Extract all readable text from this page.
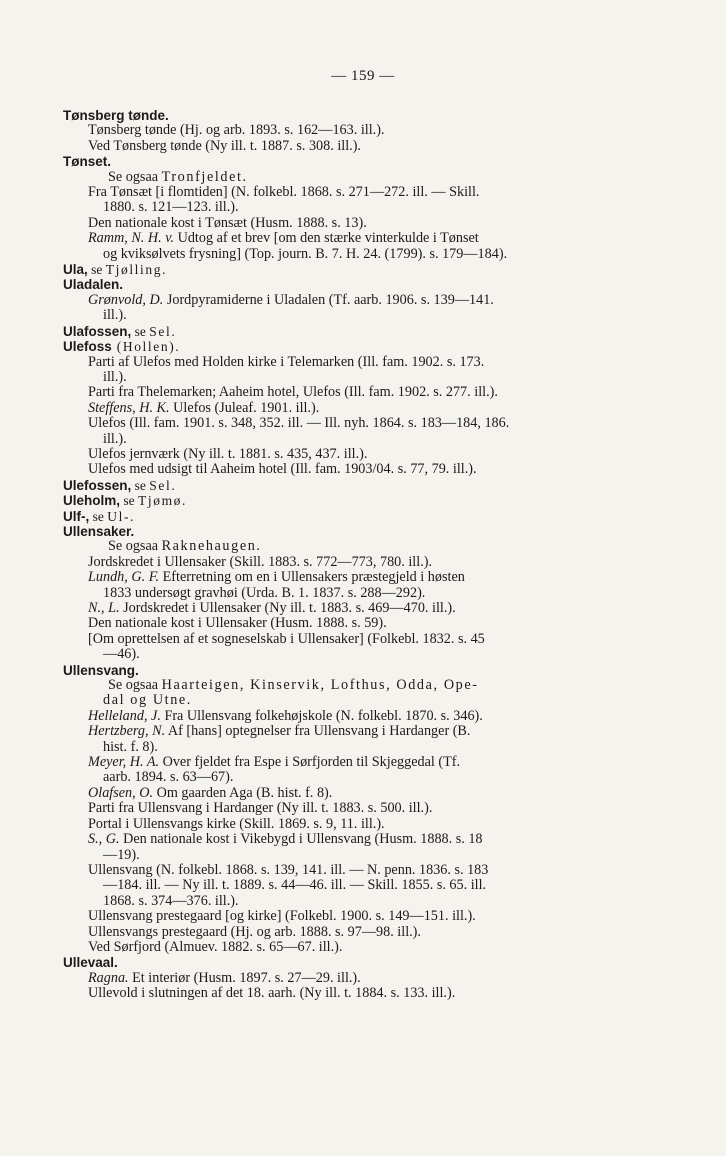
— 159 —
Tønsberg tønde.
Tønsberg tønde (Hj. og arb. 1893. s. 162—163. ill.).
Ved Tønsberg tønde (Ny ill. t. 1887. s. 308. ill.).
Tønset.
Se ogsaa Tronfjeldet.
Fra Tønsæt [i flomtiden] (N. folkebl. 1868. s. 271—272. ill. — Skill.
1880. s. 121—123. ill.).
Den nationale kost i Tønsæt (Husm. 1888. s. 13).
Ramm, N. H. v. Udtog af et brev [om den stærke vinterkulde i Tønset
og kviksølvets frysning] (Top. journ. B. 7. H. 24. (1799). s. 179—184).
Ula, se Tjølling.
Uladalen.
Grønvold, D. Jordpyramiderne i Uladalen (Tf. aarb. 1906. s. 139—141.
ill.).
Ulafossen, se Sel.
Ulefoss (Hollen).
Parti af Ulefos med Holden kirke i Telemarken (Ill. fam. 1902. s. 173.
ill.).
Parti fra Thelemarken; Aaheim hotel, Ulefos (Ill. fam. 1902. s. 277. ill.).
Steffens, H. K. Ulefos (Juleaf. 1901. ill.).
Ulefos (Ill. fam. 1901. s. 348, 352. ill. — Ill. nyh. 1864. s. 183—184, 186.
ill.).
Ulefos jernværk (Ny ill. t. 1881. s. 435, 437. ill.).
Ulefos med udsigt til Aaheim hotel (Ill. fam. 1903/04. s. 77, 79. ill.).
Ulefossen, se Sel.
Uleholm, se Tjømø.
Ulf-, se Ul-.
Ullensaker.
Se ogsaa Raknehaugen.
Jordskredet i Ullensaker (Skill. 1883. s. 772—773, 780. ill.).
Lundh, G. F. Efterretning om en i Ullensakers præstegjeld i høsten
1833 undersøgt gravhøi (Urda. B. 1. 1837. s. 288—292).
N., L. Jordskredet i Ullensaker (Ny ill. t. 1883. s. 469—470. ill.).
Den nationale kost i Ullensaker (Husm. 1888. s. 59).
[Om oprettelsen af et sogneselskab i Ullensaker] (Folkebl. 1832. s. 45
—46).
Ullensvang.
Se ogsaa Haarteigen, Kinservik, Lofthus, Odda, Ope-
dal og Utne.
Helleland, J. Fra Ullensvang folkehøjskole (N. folkebl. 1870. s. 346).
Hertzberg, N. Af [hans] optegnelser fra Ullensvang i Hardanger (B.
hist. f. 8).
Meyer, H. A. Over fjeldet fra Espe i Sørfjorden til Skjeggedal (Tf.
aarb. 1894. s. 63—67).
Olafsen, O. Om gaarden Aga (B. hist. f. 8).
Parti fra Ullensvang i Hardanger (Ny ill. t. 1883. s. 500. ill.).
Portal i Ullensvangs kirke (Skill. 1869. s. 9, 11. ill.).
S., G. Den nationale kost i Vikebygd i Ullensvang (Husm. 1888. s. 18
—19).
Ullensvang (N. folkebl. 1868. s. 139, 141. ill. — N. penn. 1836. s. 183
—184. ill. — Ny ill. t. 1889. s. 44—46. ill. — Skill. 1855. s. 65. ill.
1868. s. 374—376. ill.).
Ullensvang prestegaard [og kirke] (Folkebl. 1900. s. 149—151. ill.).
Ullensvangs prestegaard (Hj. og arb. 1888. s. 97—98. ill.).
Ved Sørfjord (Almuev. 1882. s. 65—67. ill.).
Ullevaal.
Ragna. Et interiør (Husm. 1897. s. 27—29. ill.).
Ullevold i slutningen af det 18. aarh. (Ny ill. t. 1884. s. 133. ill.).
